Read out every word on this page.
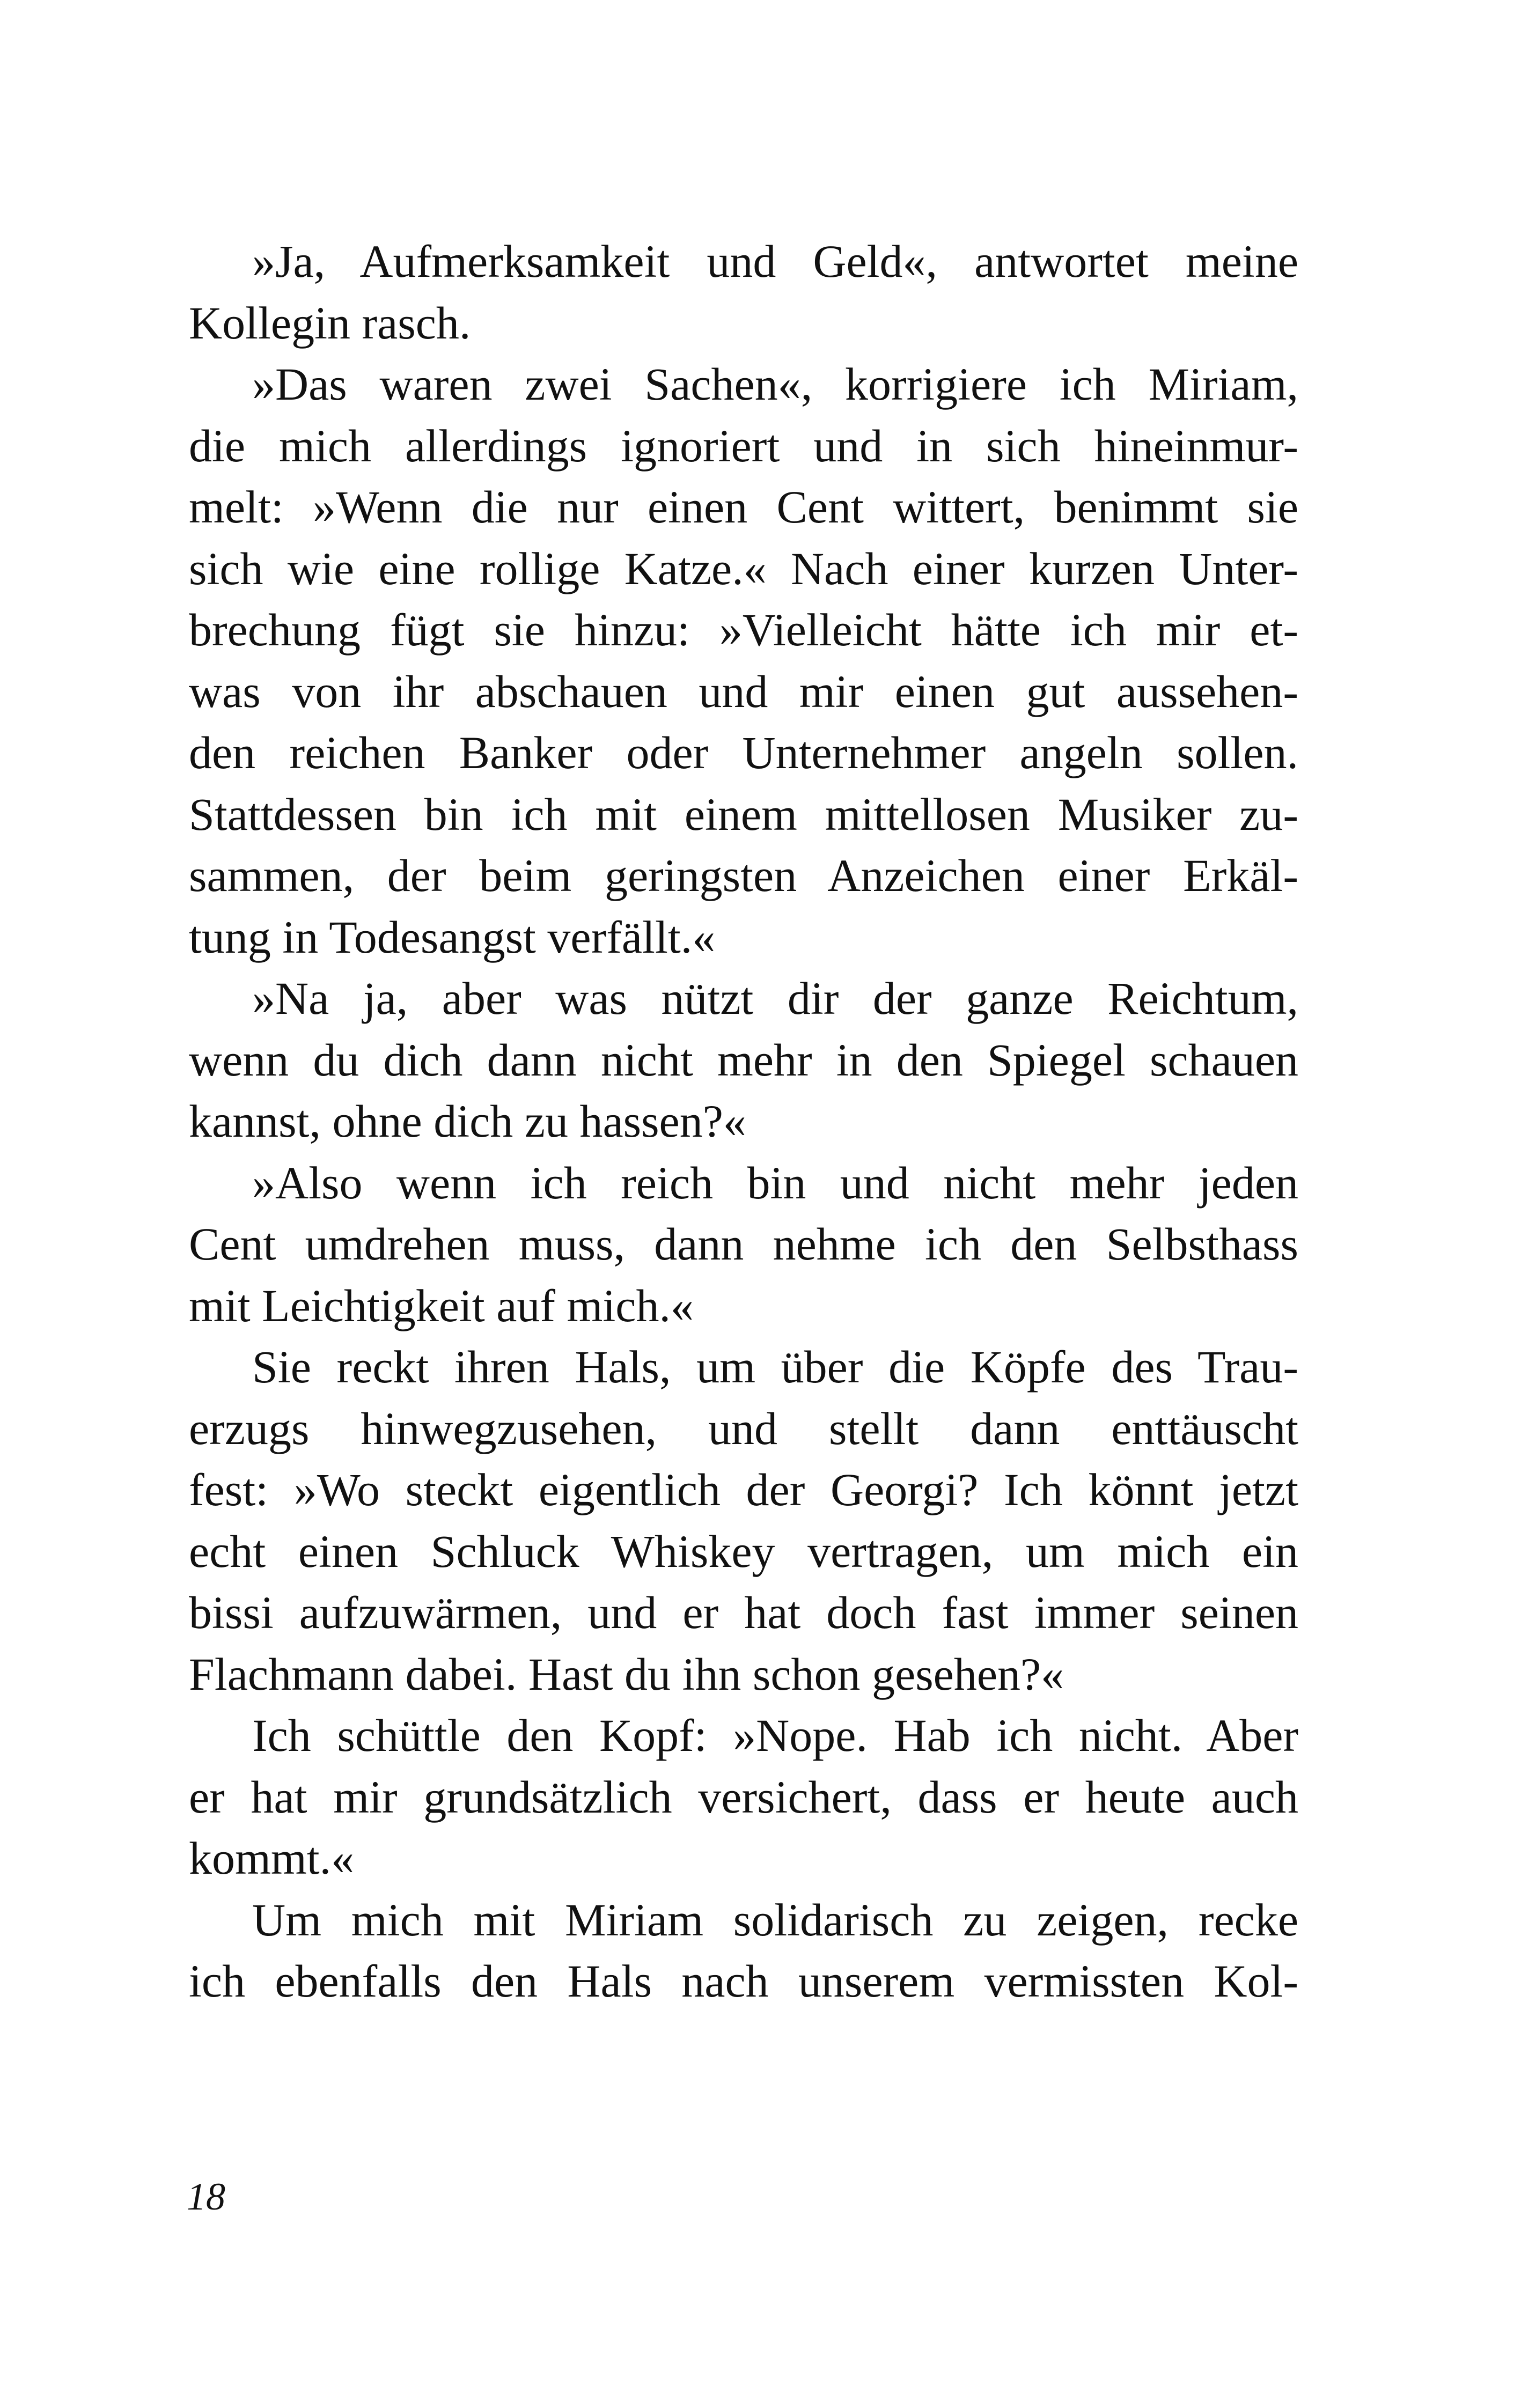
»Ja, Aufmerksamkeit und Geld«, antwortet meine
Kollegin rasch.
»Das waren zwei Sachen«, korrigiere ich Miriam,
die mich allerdings ignoriert und in sich hineinmur-
melt: »Wenn die nur einen Cent wittert, benimmt sie
sich wie eine rollige Katze.« Nach einer kurzen Unter-
brechung fügt sie hinzu: »Vielleicht hätte ich mir et-
was von ihr abschauen und mir einen gut aussehen-
den reichen Banker oder Unternehmer angeln sollen.
Stattdessen bin ich mit einem mittellosen Musiker zu-
sammen, der beim geringsten Anzeichen einer Erkäl-
tung in Todesangst verfällt.«
»Na ja, aber was nützt dir der ganze Reichtum,
wenn du dich dann nicht mehr in den Spiegel schauen
kannst, ohne dich zu hassen?«
»Also wenn ich reich bin und nicht mehr jeden
Cent umdrehen muss, dann nehme ich den Selbsthass
mit Leichtigkeit auf mich.«
Sie reckt ihren Hals, um über die Köpfe des Trau-
erzugs hinwegzusehen, und stellt dann enttäuscht
fest: »Wo steckt eigentlich der Georgi? Ich könnt jetzt
echt einen Schluck Whiskey vertragen, um mich ein
bissi aufzuwärmen, und er hat doch fast immer seinen
Flachmann dabei. Hast du ihn schon gesehen?«
Ich schüttle den Kopf: »Nope. Hab ich nicht. Aber
er hat mir grundsätzlich versichert, dass er heute auch
kommt.«
Um mich mit Miriam solidarisch zu zeigen, recke
ich ebenfalls den Hals nach unserem vermissten Kol-
18
